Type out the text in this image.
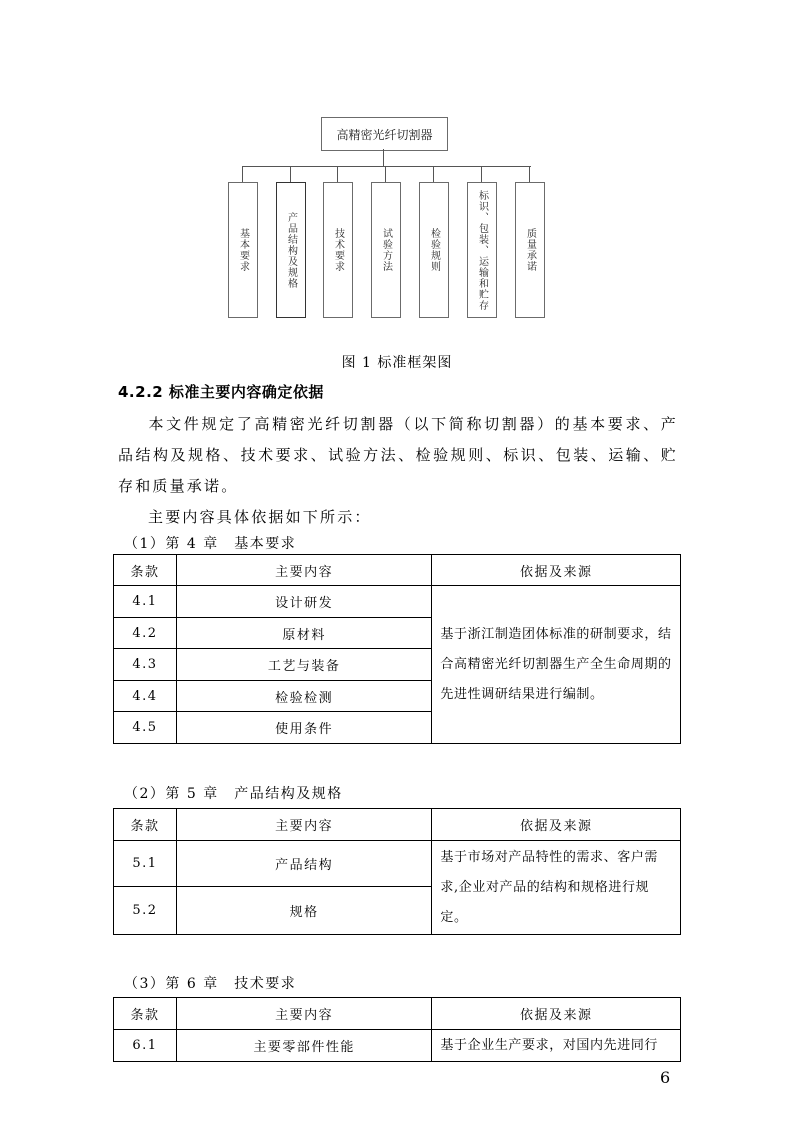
高精密光纤切割器
基本要求	产品结构及规格	技术要求	试验方法	检验规则	标识、包装、运输和贮存	质量承诺
图 1 标准框架图
4.2.2 标准主要内容确定依据
本文件规定了高精密光纤切割器（以下简称切割器）的基本要求、产品结构及规格、技术要求、试验方法、检验规则、标识、包装、运输、贮存和质量承诺。
主要内容具体依据如下所示：
（1）第 4 章　基本要求
条款	主要内容	依据及来源
4.1	设计研发	基于浙江制造团体标准的研制要求，结合高精密光纤切割器生产全生命周期的先进性调研结果进行编制。
4.2	原材料	
4.3	工艺与装备	
4.4	检验检测	
4.5	使用条件	
（2）第 5 章　产品结构及规格
条款	主要内容	依据及来源
5.1	产品结构	基于市场对产品特性的需求、客户需求,企业对产品的结构和规格进行规定。
5.2	规格	
（3）第 6 章　技术要求
条款	主要内容	依据及来源
6.1	主要零部件性能	基于企业生产要求，对国内先进同行
6
